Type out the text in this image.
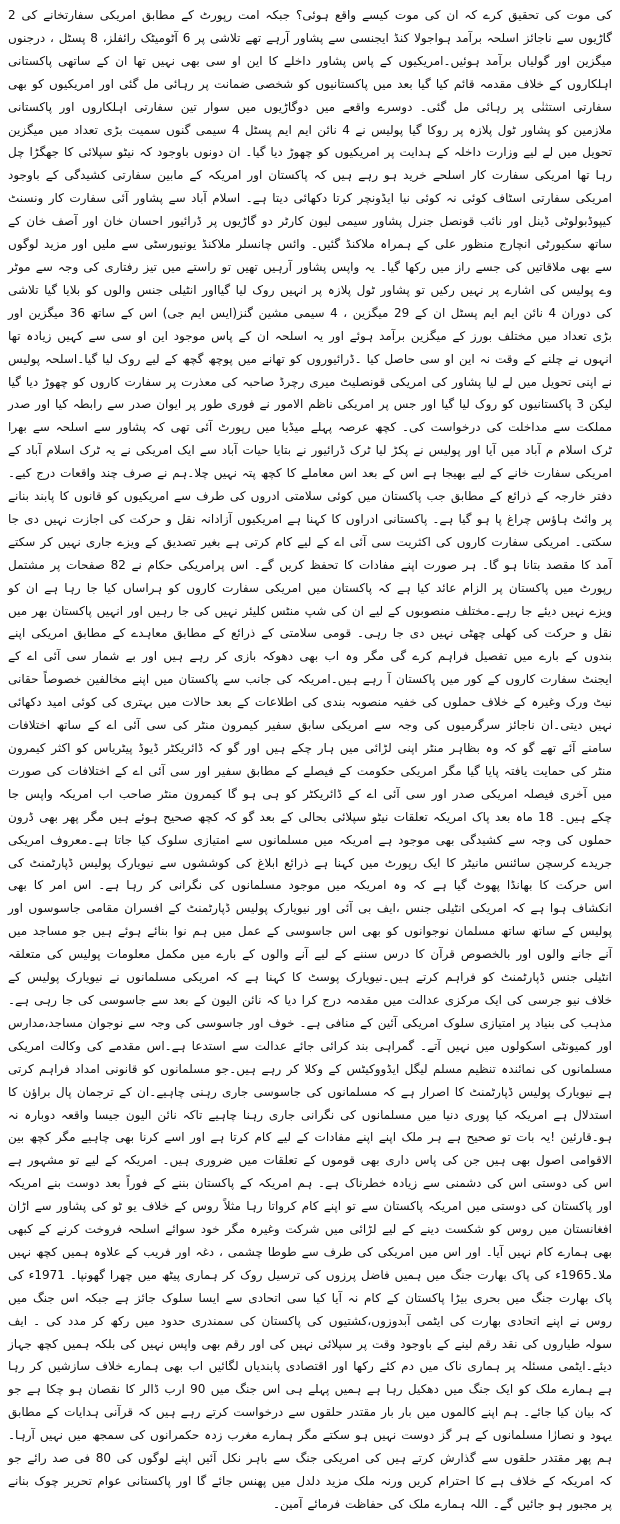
کی موت کی تحقیق کرے کہ ان کی موت کیسے واقع ہوئی؟ جبکہ امت رپورٹ کے مطابق امریکی سفارتخانے کی 2 گاڑیوں سے ناجائز اسلحہ برآمد ہواجولا کنڈ ایجنسی سے پشاور آرہے تھے تلاشی پر 6 آٹومیٹک رائفلز، 8 پسٹل ، درجنوں میگزین اور گولیاں برآمد ہوئیں۔امریکیوں کے پاس پشاور داخلے کا این او سی بھی نہیں تھا ان کے ساتھی پاکستانی اہلکاروں کے خلاف مقدمہ قائم کیا گیا بعد میں پاکستانیوں کو شخصی ضمانت پر رہائی مل گئی اور امریکیوں کو بھی سفارتی استثنٰی پر رہائی مل گئی۔ دوسرے واقعے میں دوگاڑیوں میں سوار تین سفارتی اہلکاروں اور پاکستانی ملازمین کو پشاور ٹول پلازہ پر روکا گیا پولیس نے 4 نائن ایم ایم پسٹل 4 سیمی گنوں سمیت بڑی تعداد میں میگزین تحویل میں لے لیے وزارت داخلہ کے ہدایت پر امریکیوں کو چھوڑ دیا گیا۔ ان دونوں باوجود کہ نیٹو سپلائی کا جھگڑا چل رہا تھا امریکی سفارت کار اسلحے خرید ہو رہے ہیں کہ پاکستان اور امریکہ کے مابین سفارتی کشیدگی کے باوجود امریکی سفارتی اسٹاف کوئی نہ کوئی نیا ایڈونچر کرتا دکھائی دیتا ہے۔ اسلام آباد سے پشاور آئی سفارت کار ونسنٹ کیپوڈبولوٹی ڈینل اور نائب قونصل جنرل پشاور سیمی لیون کارٹر دو گاڑیوں پر ڈرائیور احسان خان اور آصف خان کے ساتھ سکیورٹی انچارج منظور علی کے ہمراہ ملاکنڈ گئیں۔ وائس چانسلر ملاکنڈ یونیورسٹی سے ملیں اور مزید لوگوں سے بھی ملاقاتیں کی جسے راز میں رکھا گیا۔ یہ واپس پشاور آرہیں تھیں تو راستے میں تیز رفتاری کی وجہ سے موٹر وے پولیس کی اشارے پر نہیں رکیں تو پشاور ٹول پلازہ پر انہیں روک لیا گیااور انٹیلی جنس والوں کو بلایا گیا تلاشی کی دوران 4 نائن ایم ایم پسٹل ان کے 29 میگزین ، 4 سیمی مشین گنز(ایس ایم جی) اس کے ساتھ 36 میگزین اور بڑی تعداد میں مختلف بورز کے میگزین برآمد ہوئے اور یہ اسلحہ ان کے پاس موجود این او سی سے کہیں زیادہ تھا انہوں نے چلنے کے وقت نہ این او سی حاصل کیا ۔ڈرائیوروں کو تھانے میں پوچھ گچھ کے لیے روک لیا گیا۔اسلحہ پولیس نے اپنی تحویل میں لے لیا پشاور کی امریکی قونصلیٹ میری رچرڈ صاحبہ کی معذرت پر سفارت کاروں کو چھوڑ دیا گیا لیکن 3 پاکستانیوں کو روک لیا گیا اور جس پر امریکی ناظم الامور نے فوری طور پر ایوان صدر سے رابطہ کیا اور صدر مملکت سے مداخلت کی درخواست کی۔ کچھ عرصہ پہلے میڈیا میں رپورٹ آئی تھی کہ پشاور سے اسلحہ سے بھرا ٹرک اسلام م آباد میں آیا اور پولیس نے پکڑ لیا ٹرک ڈرائیور نے بتایا حیات آباد سے ایک امریکی نے یہ ٹرک اسلام آباد کے امریکی سفارت خانے کے لیے بھیجا ہے اس کے بعد اس معاملے کا کچھ پتہ نہیں چلا۔ہم نے صرف چند واقعات درج کیے۔ دفتر خارجہ کے ذرائع کے مطابق جب پاکستان میں کوئی سلامتی ادروں کی طرف سے امریکیوں کو قانوں کا پابند بنانے پر وائٹ ہاؤس چراغ پا ہو گیا ہے۔ پاکستانی ادراوں کا کہنا ہے امریکیوں آزادانہ نقل و حرکت کی اجازت نہیں دی جا سکتی۔ امریکی سفارت کاروں کی اکثریت سی آئی اے کے لیے کام کرتی ہے بغیر تصدیق کے ویزے جاری نہیں کر سکتے آمد کا مقصد بتانا ہو گا۔ ہر صورت اپنے مفادات کا تحفظ کریں گے۔ اس پرامریکی حکام نے 82 صفحات پر مشتمل رپورٹ میں پاکستان پر الزام عائد کیا ہے کہ پاکستان میں امریکی سفارت کاروں کو ہراساں کیا جا رہا ہے ان کو ویزے نہیں دیئے جا رہے۔مختلف منصوبوں کے لیے ان کی شپ منٹس کلیئر نہیں کی جا رہیں اور انہیں پاکستان بھر میں نقل و حرکت کی کھلی چھٹی نہیں دی جا رہی۔ قومی سلامتی کے ذرائع کے مطابق معاہدے کے مطابق امریکی اپنے بندوں کے بارے میں تفصیل فراہم کرے گی مگر وہ اب بھی دھوکہ بازی کر رہے ہیں اور بے شمار سی آئی اے کے ایجنٹ سفارت کاروں کے کور میں پاکستان آ رہے ہیں۔امریکہ کی جانب سے پاکستان میں اپنے مخالفین خصوصاً حقانی نیٹ ورک وغیرہ کے خلاف حملوں کی خفیہ منصوبہ بندی کی اطلاعات کے بعد حالات میں بہتری کی کوئی امید دکھائی نہیں دیتی۔ان ناجائز سرگرمیوں کی وجہ سے امریکی سابق سفیر کیمرون منٹر کی سی آئی اے کے ساتھ اختلافات سامنے آئے تھے گو کہ وہ بظاہر منٹر اپنی لڑائی میں ہار چکے ہیں اور گو کہ ڈائریکٹر ڈیوڈ پیٹریاس کو اکثر کیمرون منٹر کی حمایت یافتہ پایا گیا مگر امریکی حکومت کے فیصلے کے مطابق سفیر اور سی آئی اے کے اختلافات کی صورت میں آخری فیصلہ امریکی صدر اور سی آئی اے کے ڈائریکٹر کو ہی ہو گا کیمرون منٹر صاحب اب امریکہ واپس جا چکے ہیں۔ 18 ماہ بعد پاک امریکہ تعلقات نیٹو سپلائی بحالی کے بعد گو کہ کچھ صحیح ہوئے ہیں مگر پھر بھی ڈرون حملوں کی وجہ سے کشیدگی بھی موجود ہے امریکہ میں مسلمانوں سے امتیازی سلوک کیا جاتا ہے۔معروف امریکی جریدے کرسچن سائنس مانیٹر کا ایک رپورٹ میں کہنا ہے ذرائع ابلاغ کی کوششوں سے نیویارک پولیس ڈپارٹمنٹ کی اس حرکت کا بھانڈا پھوٹ گیا ہے کہ وہ امریکہ میں موجود مسلمانوں کی نگرانی کر رہا ہے۔ اس امر کا بھی انکشاف ہوا ہے کہ امریکی انٹیلی جنس ،ایف بی آئی اور نیویارک پولیس ڈپارٹمنٹ کے افسران مقامی جاسوسوں اور پولیس کے ساتھ ساتھ مسلمان نوجوانوں کو بھی اس جاسوسی کے عمل میں ہم نوا بنائے ہوئے ہیں جو مساجد میں آنے جانے والوں اور بالخصوص قرآن کا درس سننے کے لیے آنے والوں کے بارے میں مکمل معلومات پولیس کی متعلقہ انٹیلی جنس ڈپارٹمنٹ کو فراہم کرتے ہیں۔نیویارک پوسٹ کا کہنا ہے کہ امریکی مسلمانوں نے نیویارک پولیس کے خلاف نیو جرسی کی ایک مرکزی عدالت میں مقدمہ درج کرا دیا کہ نائن الیون کے بعد سے جاسوسی کی جا رہی ہے۔مذہب کی بنیاد پر امتیازی سلوک امریکی آئین کے منافی ہے۔ خوف اور جاسوسی کی وجہ سے نوجوان مساجد،مدارس اور کمیونٹی اسکولوں میں نہیں آتے۔ گمراہی بند کرائی جائے عدالت سے استدعا ہے۔اس مقدمے کی وکالت امریکی مسلمانوں کی نمائندہ تنظیم مسلم لیگل ایڈووکیٹس کے وکلا کر رہے ہیں۔جو مسلمانوں کو قانونی امداد فراہم کرتی ہے نیویارک پولیس ڈپارٹمنٹ کا اصرار ہے کہ مسلمانوں کی جاسوسی جاری رہنی چاہیے۔ان کے ترجمان پال براؤن کا استدلال ہے امریکہ کیا پوری دنیا میں مسلمانوں کی نگرانی جاری رہنا چاہیے تاکہ نائن الیون جیسا واقعہ دوبارہ نہ ہو۔قارئین !یہ بات تو صحیح ہے ہر ملک اپنے اپنے مفادات کے لیے کام کرتا ہے اور اسے کرنا بھی چاہیے مگر کچھ بین الاقوامی اصول بھی ہیں جن کی پاس داری بھی قوموں کے تعلقات میں ضروری ہیں۔ امریکہ کے لیے تو مشہور ہے اس کی دوستی اس کی دشمنی سے زیادہ خطرناک ہے۔ ہم امریکہ کے پاکستان بننے کے فوراً بعد دوست بنے امریکہ اور پاکستان کی دوستی میں امریکہ پاکستان سے تو اپنے کام کرواتا رہا مثلاً روس کے خلاف یو ٹو کی پشاور سے اڑان افغانستان میں روس کو شکست دینے کے لیے لڑائی میں شرکت وغیرہ مگر خود سوائے اسلحہ فروخت کرنے کے کبھی بھی ہمارے کام نہیں آیا۔ اور اس میں امریکی کی طرف سے طوطا چشمی ، دغہ اور فریب کے علاوہ ہمیں کچھ نہیں ملا۔1965ء کی پاک بھارت جنگ میں ہمیں فاضل پرزوں کی ترسیل روک کر ہماری پیٹھ میں چھرا گھونپا۔ 1971ء کی پاک بھارت جنگ میں بحری بیڑا پاکستان کے کام نہ آیا کیا سی اتحادی سے ایسا سلوک جائز ہے جبکہ اس جنگ میں روس نے اپنے اتحادی بھارت کی ایٹمی آبدوزوں،کشتیوں کی پاکستان کی سمندری حدود میں رکھ کر مدد کی ۔ ایف سولہ طیاروں کی نقد رقم لینے کے باوجود وقت پر سپلائی نہیں کی اور رقم بھی واپس نہیں کی بلکہ ہمیں کچھ جہاز دیئے۔ایٹمی مسئلہ پر ہماری ناک میں دم کئے رکھا اور اقتصادی پابندیاں لگائیں اب بھی ہمارے خلاف سازشیں کر رہا ہے ہمارے ملک کو ایک جنگ میں دھکیل رہا ہے ہمیں پہلے ہی اس جنگ میں 90 ارب ڈالر کا نقصان ہو چکا ہے جو کہ بیان کیا جائے۔ ہم اپنے کالموں میں بار بار مقتدر حلقوں سے درخواست کرتے رہے ہیں کہ قرآنی ہدایات کے مطابق یہود و نصارٰا مسلمانوں کے ہر گز دوست نہیں ہو سکتے مگر ہمارے مغرب زدہ حکمرانوں کی سمجھ میں نہیں آرہا۔ ہم پھر مقتدر حلقوں سے گذارش کرتے ہیں کی امریکی جنگ سے باہر نکل آئیں اپنے لوگوں کی 80 فی صد رائے جو کہ امریکہ کے خلاف ہے کا احترام کریں ورنہ ملک مزید دلدل میں پھنس جائے گا اور پاکستانی عوام تحریر چوک بنانے پر مجبور ہو جائیں گے۔ اللہ ہمارے ملک کی حفاظت فرمائے آمین۔
